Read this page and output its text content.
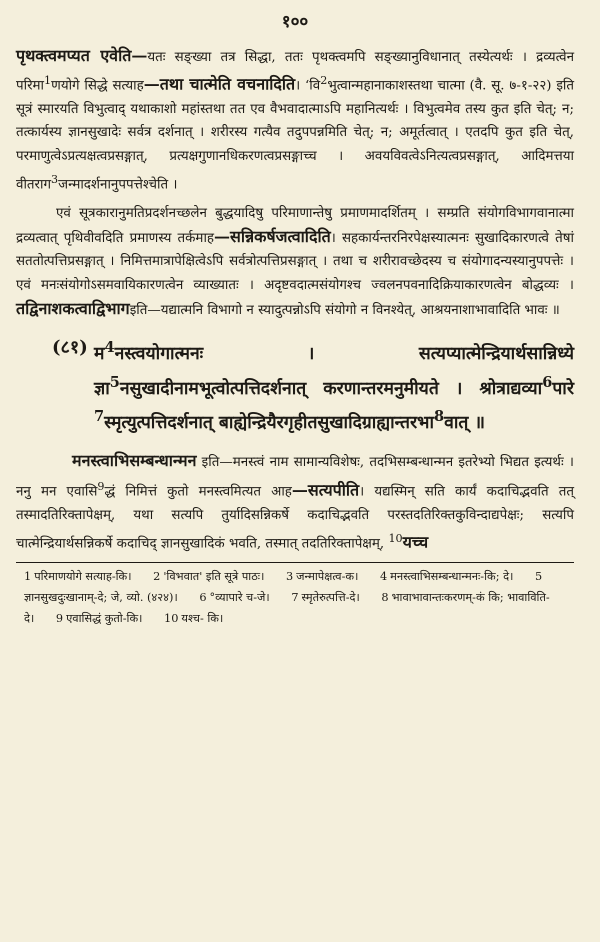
१००

पृथक्त्वमप्यत एवेति—यतः सङ्ख्या तत्र सिद्धा, ततः पृथक्त्वमपि सङ्ख्यानुविधानात् तस्येत्यर्थः । द्रव्यत्वेन परिमा$^1$णयोगे सिद्धे सत्याह—तथा चात्मेति वचनादिति। ‘वि$^2$भुत्वान्महानाकाशस्तथा चात्मा (वै. सू. ७-१-२२) इति सूत्रं स्मारयति विभुत्वाद् यथाकाशो महांस्तथा तत एव वैभवादात्माऽपि महानित्यर्थः । विभुत्वमेव तस्य कुत इति चेत्; न; तत्कार्यस्य ज्ञानसुखादेः सर्वत्र दर्शनात् । शरीरस्य गत्यैव तदुपपन्नमिति चेत्; न; अमूर्तत्वात् । एतदपि कुत इति चेत्, परमाणुत्वेऽप्रत्यक्षत्वप्रसङ्गात्, प्रत्यक्षगुणानधिकरणत्वप्रसङ्गाच्च । अवयविवत्वेऽनित्यत्वप्रसङ्गात्, आदिमत्तया वीतराग$^3$जन्मादर्शनानुपपत्तेश्चेति ।

एवं सूत्रकारानुमतिप्रदर्शनच्छलेन बुद्धयादिषु परिमाणान्तेषु प्रमाणमादर्शितम् । सम्प्रति संयोगविभागवानात्मा द्रव्यत्वात् पृथिवीवदिति प्रमाणस्य तर्कमाह—सन्निकर्षजत्वादिति। सहकार्यन्तरनिरपेक्षस्यात्मनः सुखादिकारणत्वे तेषां सततोत्पत्तिप्रसङ्गात् । निमित्तमात्रापेक्षित्वेऽपि सर्वत्रोत्पत्तिप्रसङ्गात् । तथा च शरीरावच्छेदस्य च संयोगादन्यस्यानुपपत्तेः । एवं मनःसंयोगोऽसमवायिकारणत्वेन व्याख्यातः । अदृष्टवदात्मसंयोगश्च ज्वलनपवनादिक्रियाकारणत्वेन बोद्धव्यः ।तद्विनाशकत्वाद्विभागइति—यद्यात्मनि विभागो न स्यादुत्पन्नोऽपि संयोगो न विनश्येत्, आश्रयनाशाभावादिति भावः ॥

(८१) म$^4$नस्त्वयोगात्मनः । सत्यप्यात्मेन्द्रियार्थसान्निध्ये ज्ञा$^5$नसुखादीनामभूत्वोत्पत्तिदर्शनात् करणान्तरमनुमीयते । श्रोत्राद्यव्या$^6$पारे $^7$स्मृत्युत्पत्तिदर्शनात् बाह्येन्द्रियैरगृहीतसुखादिग्राह्यान्तरभा$^8$वात् ॥

मनस्त्वाभिसम्बन्धान्मन इति—मनस्त्वं नाम सामान्यविशेषः, तदभिसम्बन्धान्मन इतरेभ्यो भिद्यत इत्यर्थः । ननु मन एवासि$^9$द्धं निमित्तं कुतो मनस्त्वमित्यत आह—सत्यपीति। यद्यस्मिन् सति कार्यं कदाचिद्भवति तत् तस्मादतिरिक्तापेक्षम्, यथा सत्यपि तुर्यादिसन्निकर्षे कदाचिद्भवति परस्तदतिरिक्तकुविन्दाद्यपेक्षः; सत्यपि चात्मेन्द्रियार्थसन्निकर्षे कदाचिद् ज्ञानसुखादिकं भवति, तस्मात् तदतिरिक्तापेक्षम्, $^{10}$यच्च

1 परिमाणयोगे सत्याह-कि। 2 'विभवात' इति सूत्रे पाठः। 3 जन्मापेक्षत्व-क। 4 मनस्त्वाभिसम्बन्धान्मनः-कि; दे। 5ज्ञानसुखदुःखानाम्-दे; जे, व्यो. (४२४)। 6 °व्यापारे च-जे। 7 स्मृतेरुत्पत्ति-दे। 8 भावाभावान्तःकरणम्-कं कि; भावाविति-दे। 9 एवासिद्धं कुतो-कि। 10 यश्च- कि।
